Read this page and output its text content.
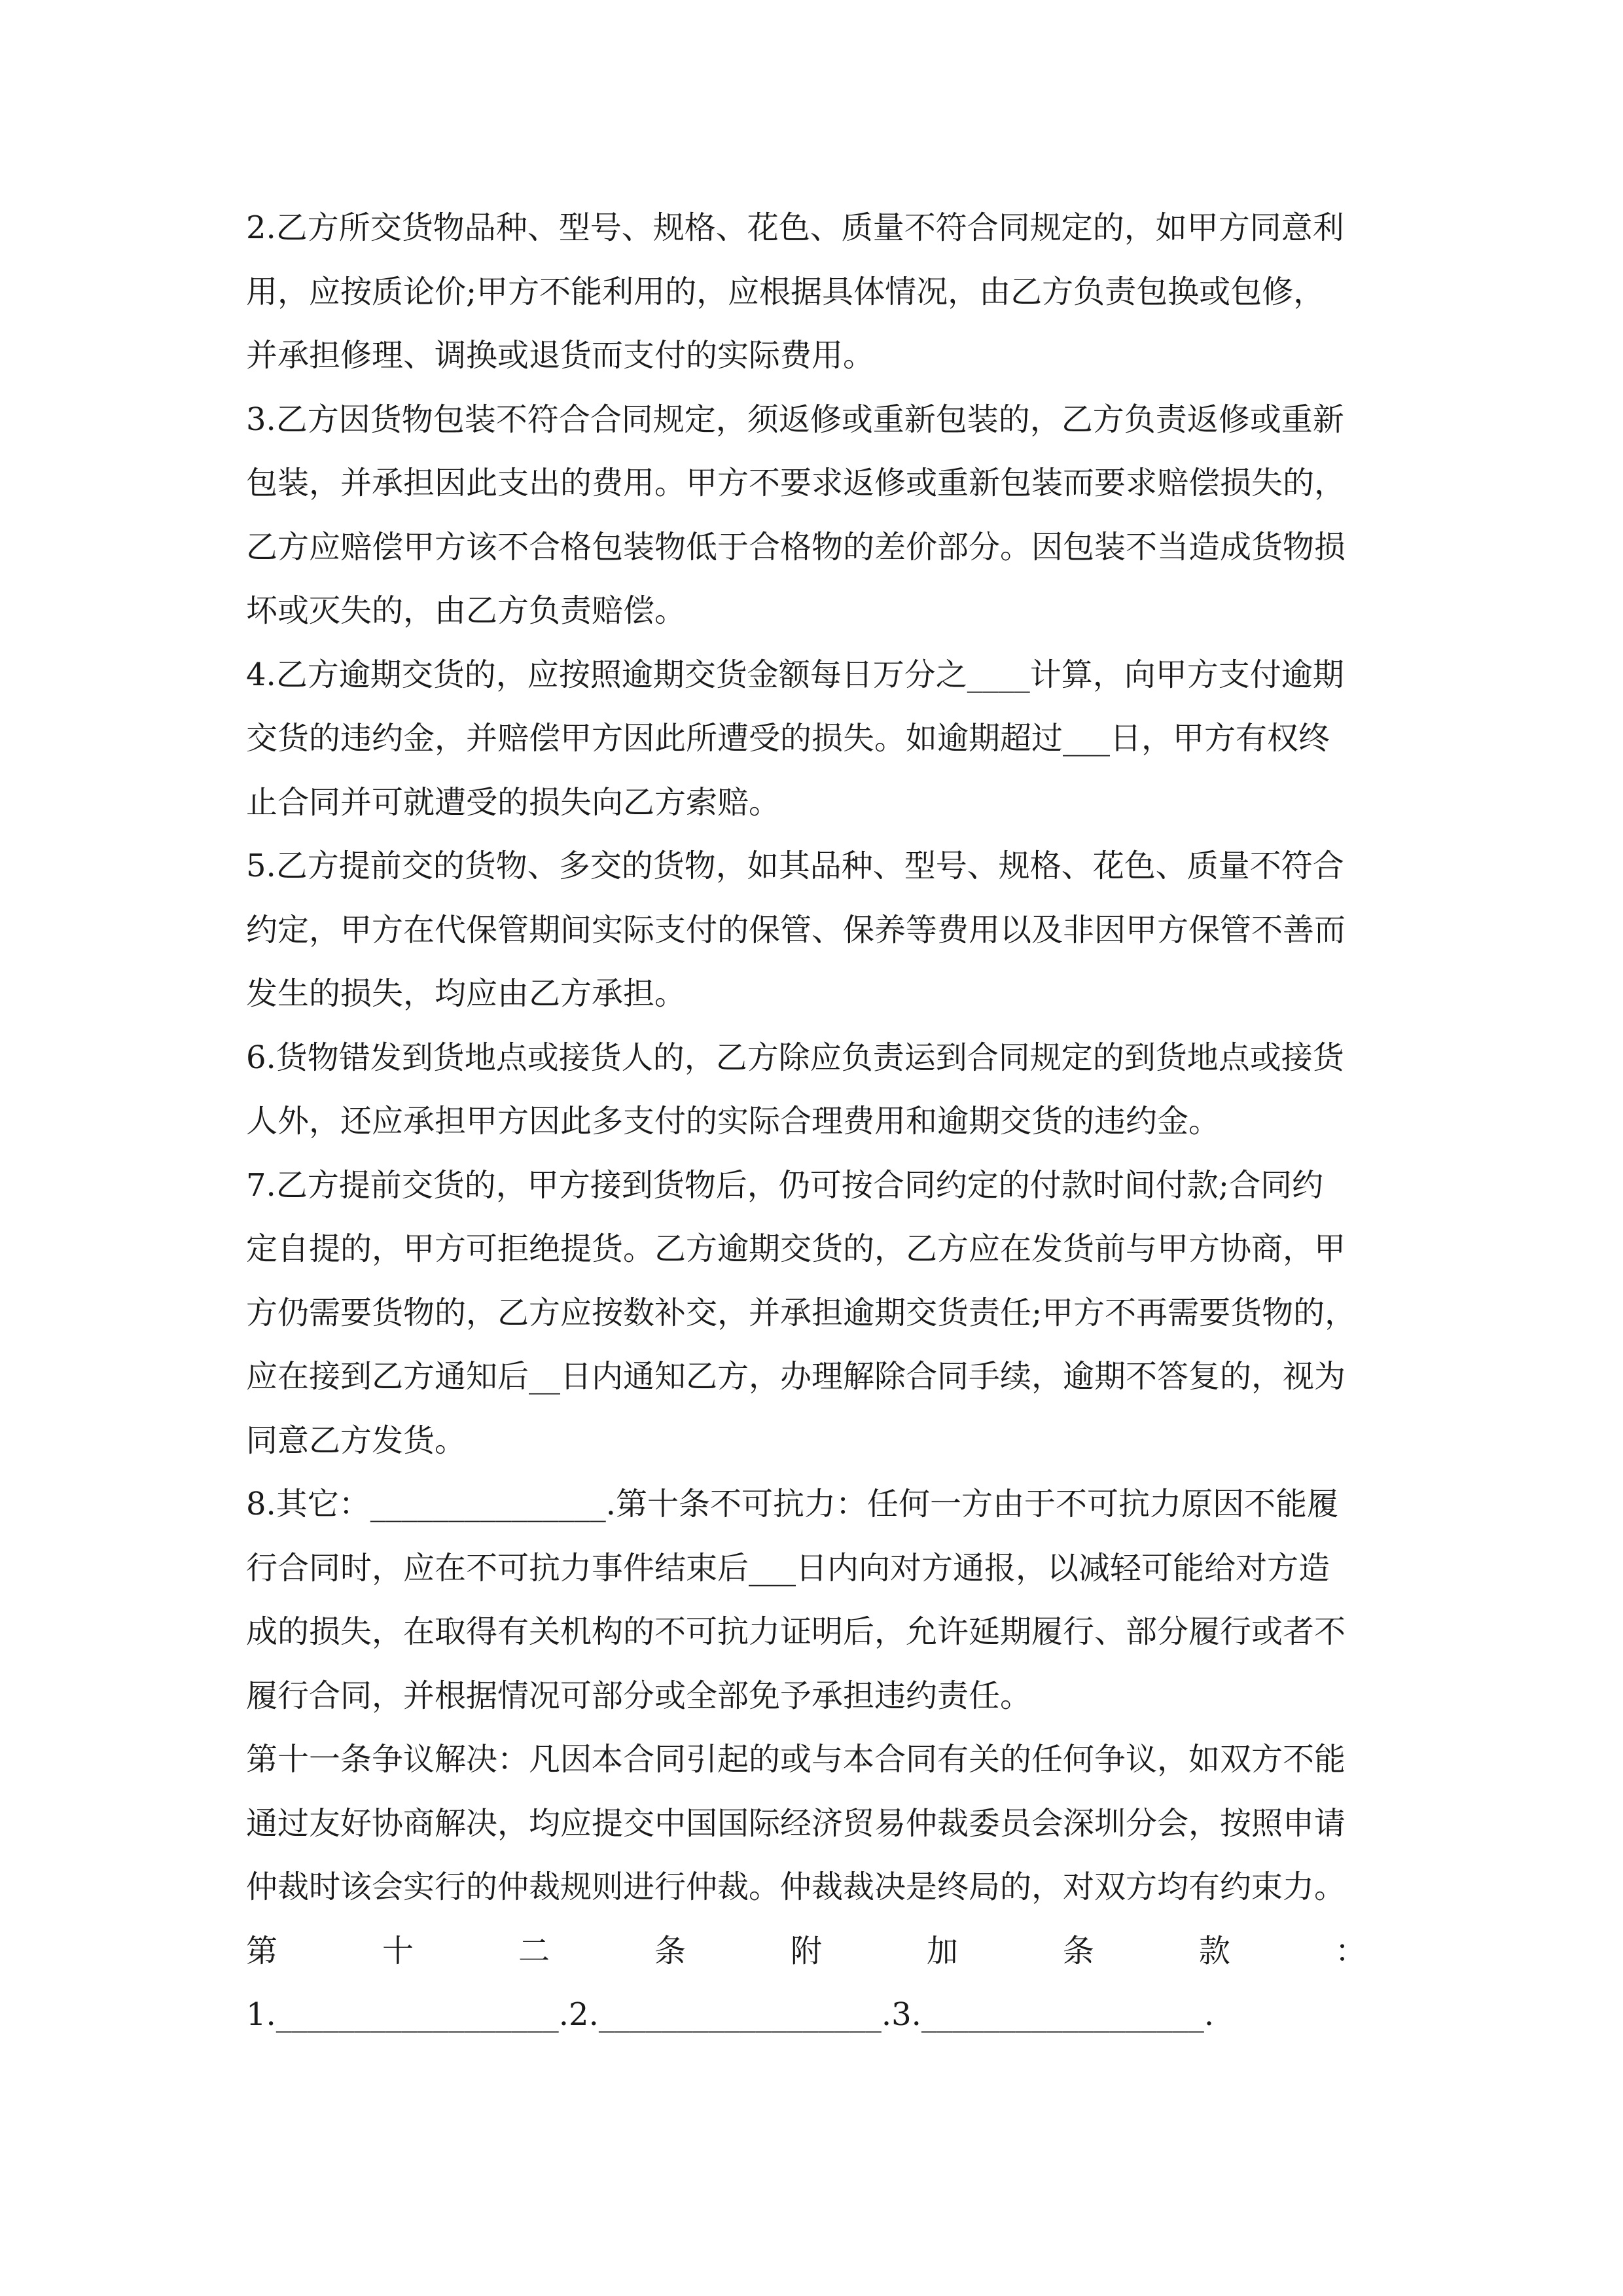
2.乙方所交货物品种、型号、规格、花色、质量不符合同规定的，如甲方同意利
用，应按质论价;甲方不能利用的，应根据具体情况，由乙方负责包换或包修，
并承担修理、调换或退货而支付的实际费用。
3.乙方因货物包装不符合合同规定，须返修或重新包装的，乙方负责返修或重新
包装，并承担因此支出的费用。甲方不要求返修或重新包装而要求赔偿损失的，
乙方应赔偿甲方该不合格包装物低于合格物的差价部分。因包装不当造成货物损
坏或灭失的，由乙方负责赔偿。
4.乙方逾期交货的，应按照逾期交货金额每日万分之____计算，向甲方支付逾期
交货的违约金，并赔偿甲方因此所遭受的损失。如逾期超过___日，甲方有权终
止合同并可就遭受的损失向乙方索赔。
5.乙方提前交的货物、多交的货物，如其品种、型号、规格、花色、质量不符合
约定，甲方在代保管期间实际支付的保管、保养等费用以及非因甲方保管不善而
发生的损失，均应由乙方承担。
6.货物错发到货地点或接货人的，乙方除应负责运到合同规定的到货地点或接货
人外，还应承担甲方因此多支付的实际合理费用和逾期交货的违约金。
7.乙方提前交货的，甲方接到货物后，仍可按合同约定的付款时间付款;合同约
定自提的，甲方可拒绝提货。乙方逾期交货的，乙方应在发货前与甲方协商，甲
方仍需要货物的，乙方应按数补交，并承担逾期交货责任;甲方不再需要货物的，
应在接到乙方通知后__日内通知乙方，办理解除合同手续，逾期不答复的，视为
同意乙方发货。
8.其它：_______________.第十条不可抗力：任何一方由于不可抗力原因不能履
行合同时，应在不可抗力事件结束后___日内向对方通报，以减轻可能给对方造
成的损失，在取得有关机构的不可抗力证明后，允许延期履行、部分履行或者不
履行合同，并根据情况可部分或全部免予承担违约责任。
第十一条争议解决：凡因本合同引起的或与本合同有关的任何争议，如双方不能
通过友好协商解决，均应提交中国国际经济贸易仲裁委员会深圳分会，按照申请
仲裁时该会实行的仲裁规则进行仲裁。仲裁裁决是终局的，对双方均有约束力。
第	十	二	条	附	加	条	款	：
1.__________________.2.__________________.3.__________________.
